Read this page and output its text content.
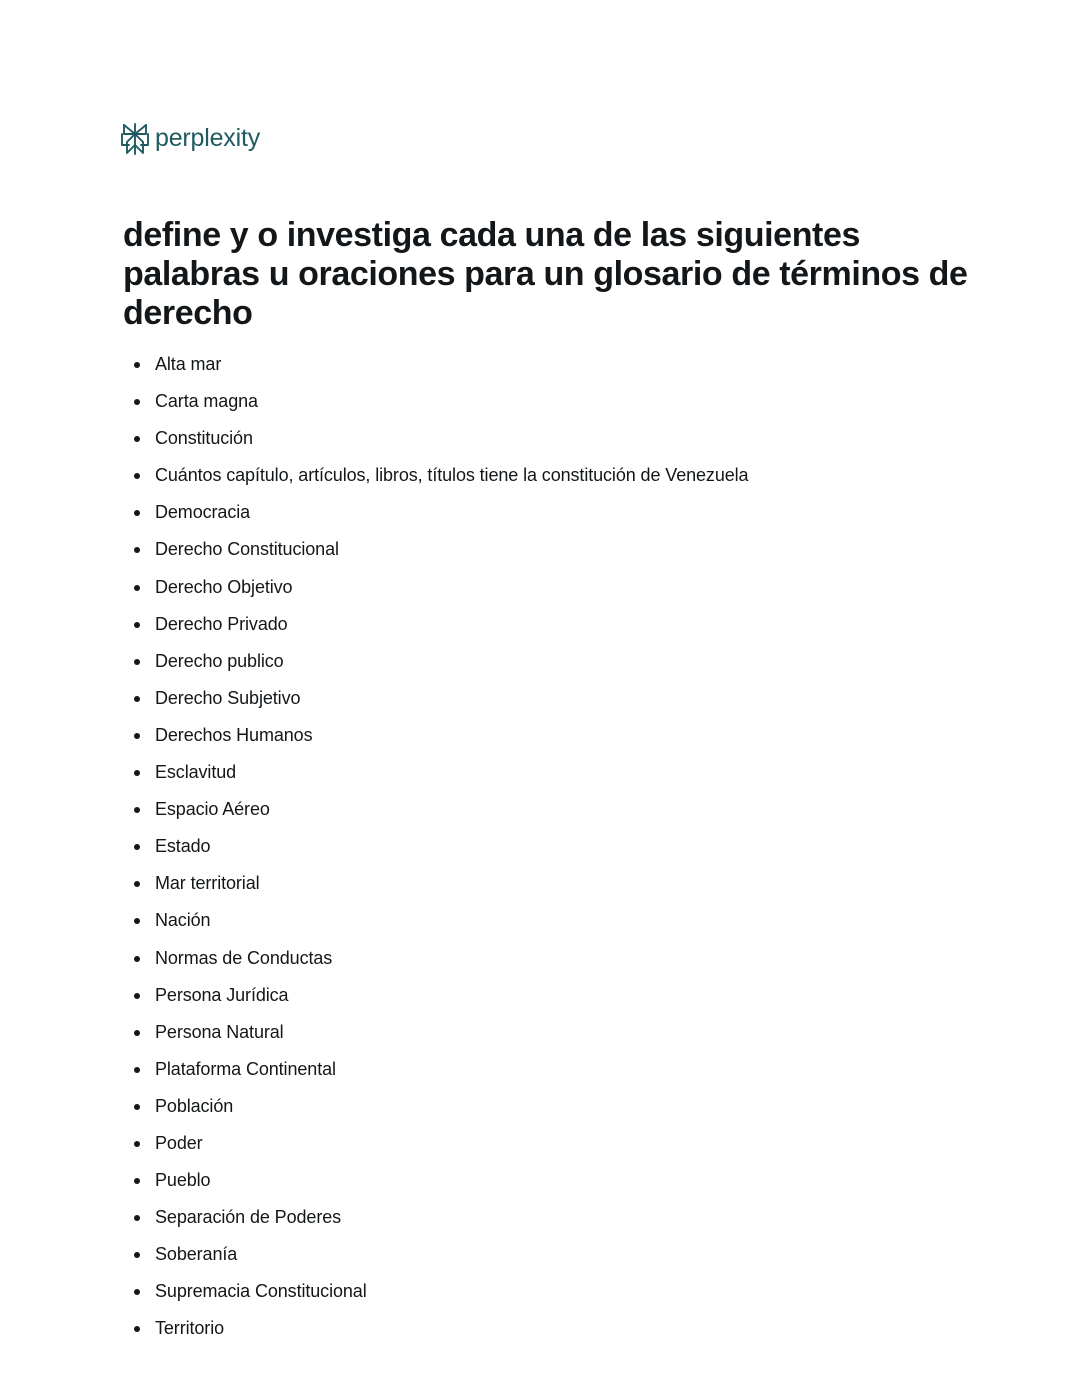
perplexity
define y o investiga cada una de las siguientes palabras u oraciones para un glosario de términos de derecho
Alta mar
Carta magna
Constitución
Cuántos capítulo, artículos, libros, títulos tiene la constitución de Venezuela
Democracia
Derecho Constitucional
Derecho Objetivo
Derecho Privado
Derecho publico
Derecho Subjetivo
Derechos Humanos
Esclavitud
Espacio Aéreo
Estado
Mar territorial
Nación
Normas de Conductas
Persona Jurídica
Persona Natural
Plataforma Continental
Población
Poder
Pueblo
Separación de Poderes
Soberanía
Supremacia Constitucional
Territorio
